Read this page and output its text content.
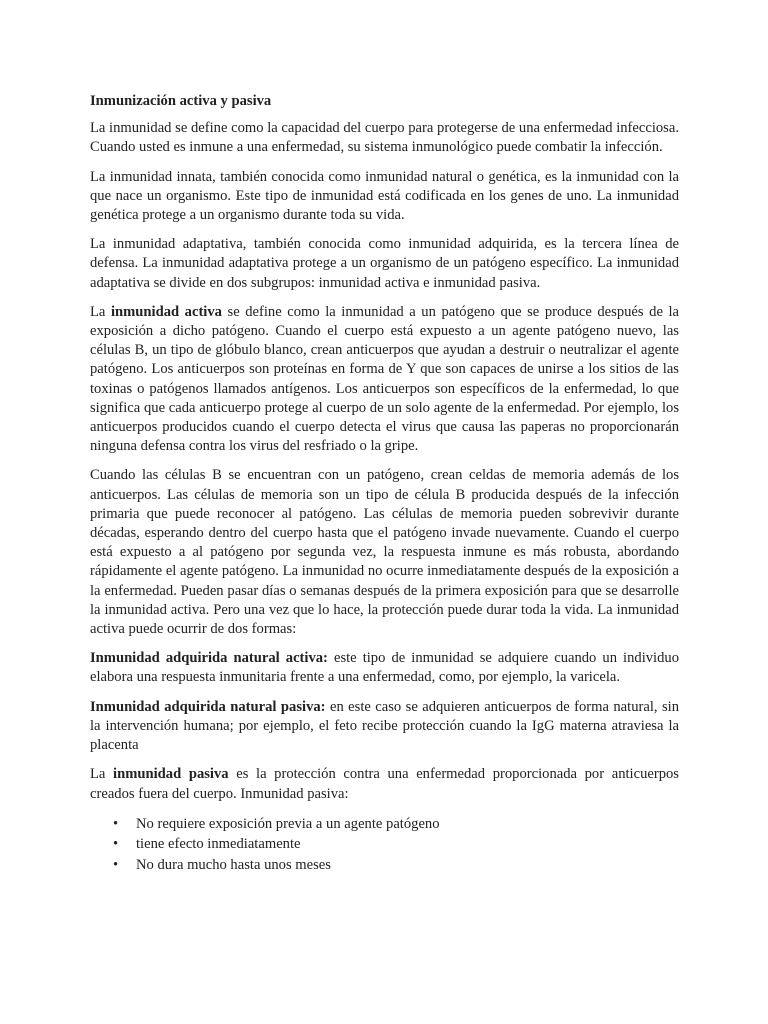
Inmunización activa y pasiva

La inmunidad se define como la capacidad del cuerpo para protegerse de una enfermedad infecciosa. Cuando usted es inmune a una enfermedad, su sistema inmunológico puede combatir la infección.

La inmunidad innata, también conocida como inmunidad natural o genética, es la inmunidad con la que nace un organismo. Este tipo de inmunidad está codificada en los genes de uno. La inmunidad genética protege a un organismo durante toda su vida.

La inmunidad adaptativa, también conocida como inmunidad adquirida, es la tercera línea de defensa. La inmunidad adaptativa protege a un organismo de un patógeno específico. La inmunidad adaptativa se divide en dos subgrupos: inmunidad activa e inmunidad pasiva.

La inmunidad activa se define como la inmunidad a un patógeno que se produce después de la exposición a dicho patógeno. Cuando el cuerpo está expuesto a un agente patógeno nuevo, las células B, un tipo de glóbulo blanco, crean anticuerpos que ayudan a destruir o neutralizar el agente patógeno. Los anticuerpos son proteínas en forma de Y que son capaces de unirse a los sitios de las toxinas o patógenos llamados antígenos. Los anticuerpos son específicos de la enfermedad, lo que significa que cada anticuerpo protege al cuerpo de un solo agente de la enfermedad. Por ejemplo, los anticuerpos producidos cuando el cuerpo detecta el virus que causa las paperas no proporcionarán ninguna defensa contra los virus del resfriado o la gripe.

Cuando las células B se encuentran con un patógeno, crean celdas de memoria además de los anticuerpos. Las células de memoria son un tipo de célula B producida después de la infección primaria que puede reconocer al patógeno. Las células de memoria pueden sobrevivir durante décadas, esperando dentro del cuerpo hasta que el patógeno invade nuevamente. Cuando el cuerpo está expuesto a al patógeno por segunda vez, la respuesta inmune es más robusta, abordando rápidamente el agente patógeno. La inmunidad no ocurre inmediatamente después de la exposición a la enfermedad. Pueden pasar días o semanas después de la primera exposición para que se desarrolle la inmunidad activa. Pero una vez que lo hace, la protección puede durar toda la vida. La inmunidad activa puede ocurrir de dos formas:

Inmunidad adquirida natural activa: este tipo de inmunidad se adquiere cuando un individuo elabora una respuesta inmunitaria frente a una enfermedad, como, por ejemplo, la varicela.

Inmunidad adquirida natural pasiva: en este caso se adquieren anticuerpos de forma natural, sin la intervención humana; por ejemplo, el feto recibe protección cuando la IgG materna atraviesa la placenta

La inmunidad pasiva es la protección contra una enfermedad proporcionada por anticuerpos creados fuera del cuerpo. Inmunidad pasiva:

• No requiere exposición previa a un agente patógeno
• tiene efecto inmediatamente
• No dura mucho hasta unos meses
